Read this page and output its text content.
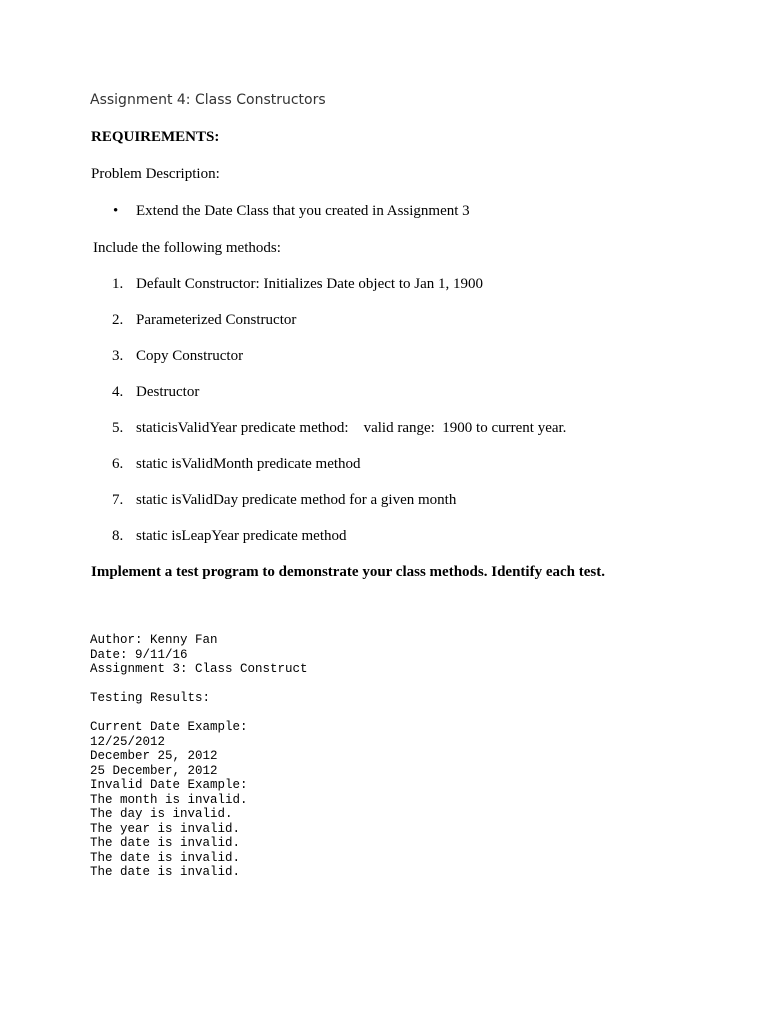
Assignment 4: Class Constructors
REQUIREMENTS:
Problem Description:
•	Extend the Date Class that you created in Assignment 3
Include the following methods:

1.

Default Constructor: Initializes Date object to Jan 1, 1900

2.

Parameterized Constructor

3.

Copy Constructor

4.

Destructor

5.

staticisValidYear predicate method:    valid range:  1900 to current year.

6.

static isValidMonth predicate method

7.

static isValidDay predicate method for a given month

8.

static isLeapYear predicate method

Implement a test program to demonstrate your class methods. Identify each test.
Author: Kenny Fan
Date: 9/11/16
Assignment 3: Class Construct
Testing Results:
Current Date Example:
12/25/2012
December 25, 2012
25 December, 2012
Invalid Date Example:
The month is invalid.
The day is invalid.
The year is invalid.
The date is invalid.
The date is invalid.
The date is invalid.
